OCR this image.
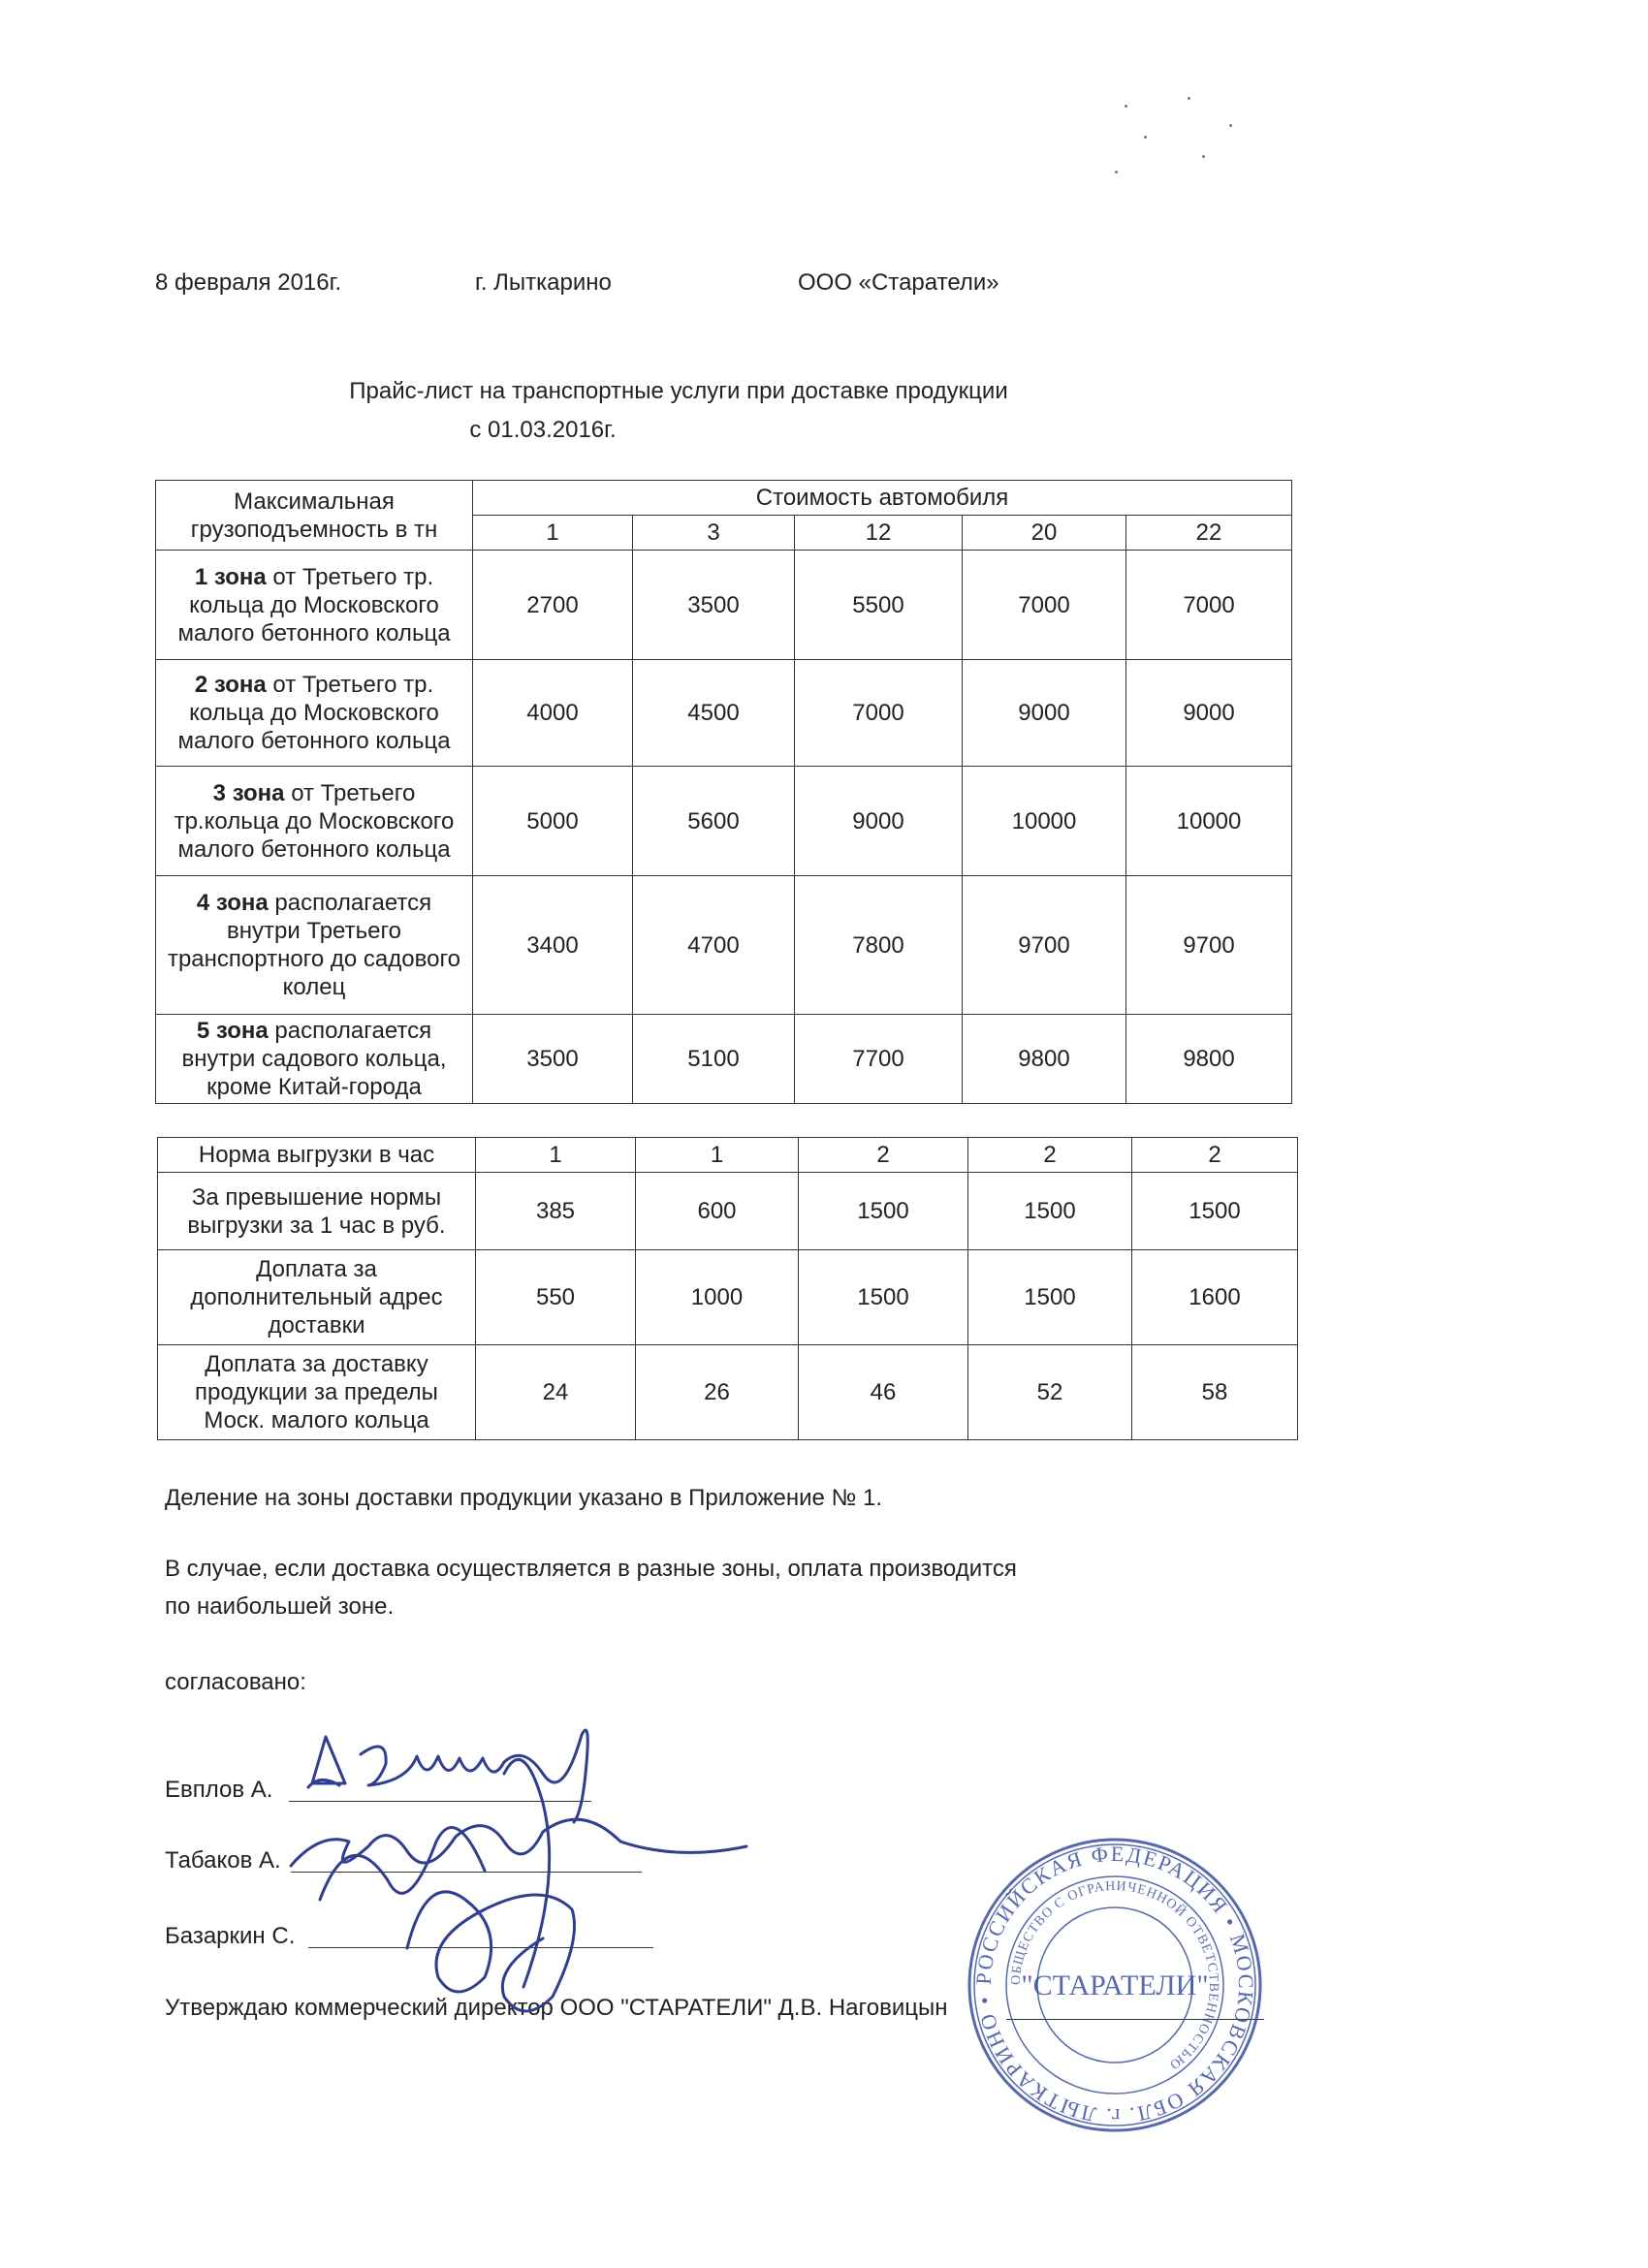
8 февраля 2016г.	г. Лыткарино	ООО «Старатели»
Прайс-лист на транспортные услуги при доставке продукции
с 01.03.2016г.
Максимальная грузоподъемность в тн	Стоимость автомобиля				
	1	3	12	20	22
1 зона от Третьего тр. кольца до Московского малого бетонного кольца	2700	3500	5500	7000	7000
2 зона от Третьего тр. кольца до Московского малого бетонного кольца	4000	4500	7000	9000	9000
3 зона от Третьего тр.кольца до Московского малого бетонного кольца	5000	5600	9000	10000	10000
4 зона располагается внутри Третьего транспортного до садового колец	3400	4700	7800	9700	9700
5 зона располагается внутри садового кольца, кроме Китай-города	3500	5100	7700	9800	9800
Норма выгрузки в час	1	1	2	2	2
За превышение нормы выгрузки за 1 час в руб.	385	600	1500	1500	1500
Доплата за дополнительный адрес доставки	550	1000	1500	1500	1600
Доплата за доставку продукции за пределы Моск. малого кольца	24	26	46	52	58
Деление на зоны доставки продукции указано в Приложение № 1.
В случае, если доставка осуществляется в разные зоны, оплата производится
по наибольшей зоне.
согласовано:
Евплов А.
Табаков А.
Базаркин С.
Утверждаю коммерческий директор ООО "СТАРАТЕЛИ" Д.В. Наговицын
РОССИЙСКАЯ ФЕДЕРАЦИЯ • МОСКОВСКАЯ ОБЛ. г. ЛЫТКАРИНО •
ОБЩЕСТВО С ОГРАНИЧЕННОЙ ОТВЕТСТВЕННОСТЬЮ
"СТАРАТЕЛИ"
